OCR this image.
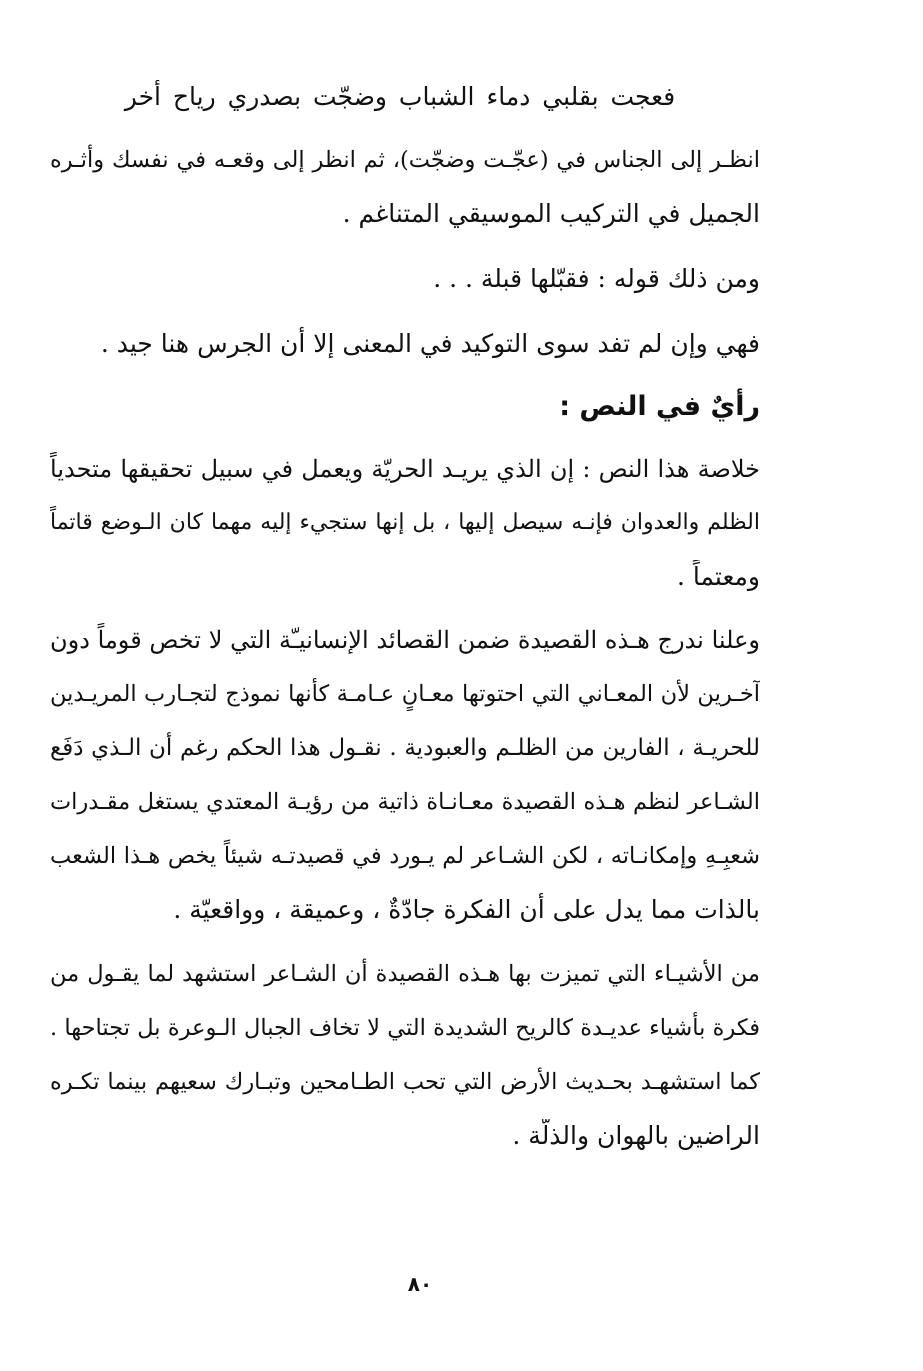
فعجت بقلبي دماء الشباب وضجّت بصدري رياح أخر
انظـر إلى الجناس في (عجّـت وضجّت)، ثم انظر إلى وقعـه في نفسك وأثـره
الجميل في التركيب الموسيقي المتناغم .
ومن ذلك قوله : فقبّلها قبلة . . .
فهي وإن لم تفد سوى التوكيد في المعنى إلا أن الجرس هنا جيد .
رأيٌ في النص :
خلاصة هذا النص : إن الذي يريـد الحريّة ويعمل في سبيل تحقيقها متحدياً
الظلم والعدوان فإنـه سيصل إليها ، بل إنها ستجيء إليه مهما كان الـوضع قاتماً
ومعتماً .
وعلنا ندرج هـذه القصيدة ضمن القصائد الإنسانيـّة التي لا تخص قوماً دون
آخـرين لأن المعـاني التي احتوتها معـانٍ عـامـة كأنها نموذج لتجـارب المريـدين
للحريـة ، الفارين من الظلـم والعبودية . نقـول هذا الحكم رغم أن الـذي دَفَع
الشـاعر لنظم هـذه القصيدة معـانـاة ذاتية من رؤيـة المعتدي يستغل مقـدرات
شعبِـهِ وإمكانـاته ، لكن الشـاعر لم يـورد في قصيدتـه شيئاً يخص هـذا الشعب
بالذات مما يدل على أن الفكرة جادّةٌ ، وعميقة ، وواقعيّة .
من الأشيـاء التي تميزت بها هـذه القصيدة أن الشـاعر استشهد لما يقـول من
فكرة بأشياء عديـدة كالريح الشديدة التي لا تخاف الجبال الـوعرة بل تجتاحها .
كما استشهـد بحـديث الأرض التي تحب الطـامحين وتبـارك سعيهم بينما تكـره
الراضين بالهوان والذلّة .
٨٠
